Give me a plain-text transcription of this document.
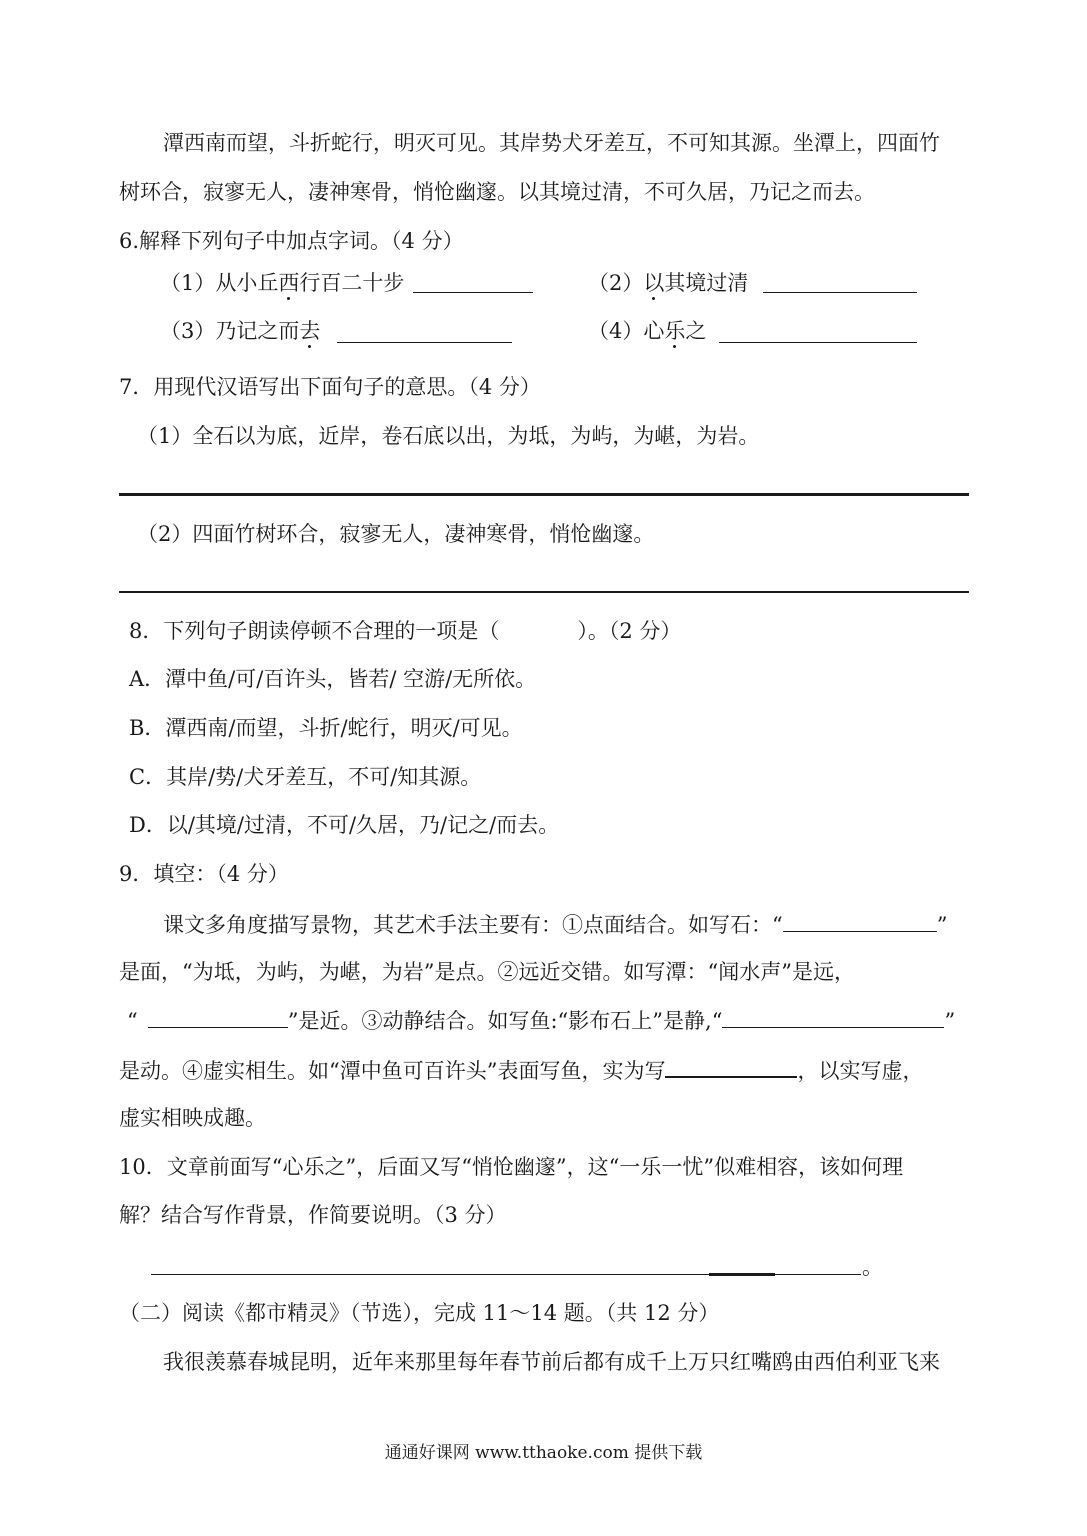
潭西南而望，斗折蛇行，明灭可见。其岸势犬牙差互，不可知其源。坐潭上，四面竹
树环合，寂寥无人，凄神寒骨，悄怆幽邃。以其境过清，不可久居，乃记之而去。
6.解释下列句子中加点字词。（4 分）
（1）从小丘西行百二十步	（2）以其境过清
（3）乃记之而去	（4）心乐之
7．用现代汉语写出下面句子的意思。（4 分）
（1）全石以为底，近岸，卷石底以出，为坻，为屿，为嵁，为岩。
（2）四面竹树环合，寂寥无人，凄神寒骨，悄怆幽邃。
8．下列句子朗读停顿不合理的一项是（	）。（2 分）
A．潭中鱼/可/百许头，皆若/ 空游/无所依。
B．潭西南/而望，斗折/蛇行，明灭/可见。
C．其岸/势/犬牙差互，不可/知其源。
D．以/其境/过清，不可/久居，乃/记之/而去。
9．填空：（4 分）
课文多角度描写景物，其艺术手法主要有：①点面结合。如写石：“	”
是面，“为坻，为屿，为嵁，为岩”是点。②远近交错。如写潭：“闻水声”是远，
“	”是近。③动静结合。如写鱼:“影布石上”是静,“	”
是动。④虚实相生。如“潭中鱼可百许头”表面写鱼，实为写	，以实写虚，
虚实相映成趣。
10．文章前面写“心乐之”，后面又写“悄怆幽邃”，这“一乐一忧”似难相容，该如何理
解？结合写作背景，作简要说明。（3 分）
。
（二）阅读《都市精灵》（节选），完成 11～14 题。（共 12 分）
我很羡慕春城昆明，近年来那里每年春节前后都有成千上万只红嘴鸥由西伯利亚飞来
通通好课网 www.tthaoke.com 提供下载
